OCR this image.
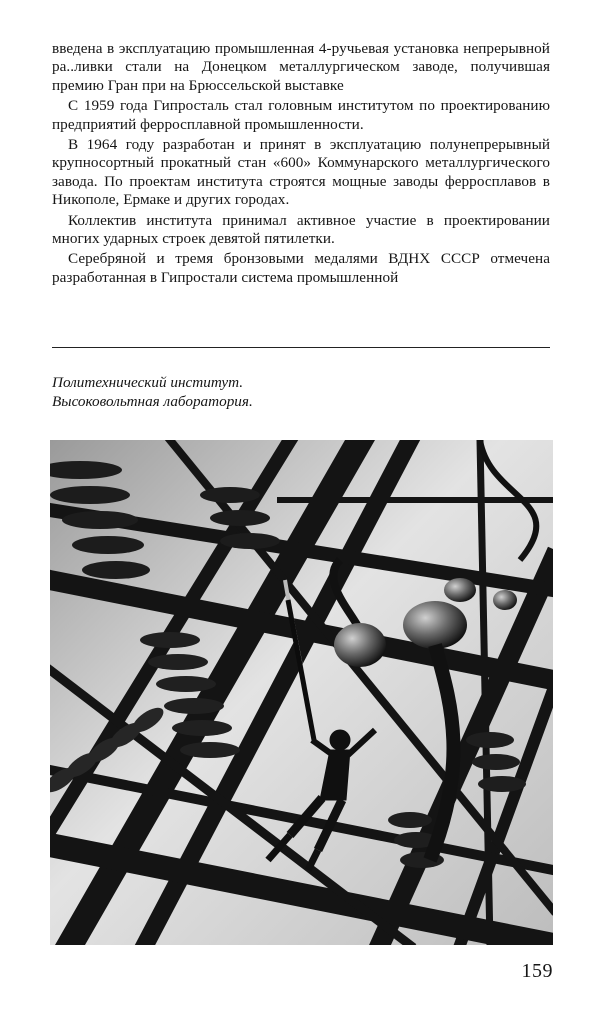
введена в эксплуатацию промышленная 4-ручьевая установка непрерывной ра..ливки стали на Донецком металлургическом заводе, получившая премию Гран при на Брюссельской выставке

С 1959 года Гипросталь стал головным институтом по проектированию предприятий ферросплавной промышленности.

В 1964 году разработан и принят в эксплуатацию полунепрерывный крупносортный прокатный стан «600» Коммунарского металлургического завода. По проектам института строятся мощные заводы ферросплавов в Никополе, Ермаке и других городах.

Коллектив института принимал активное участие в проектировании многих ударных строек девятой пятилетки.

Серебряной и тремя бронзовыми медалями ВДНХ СССР отмечена разработанная в Гипростали система промышленной

Политехнический институт.
Высоковольтная лаборатория.
159
